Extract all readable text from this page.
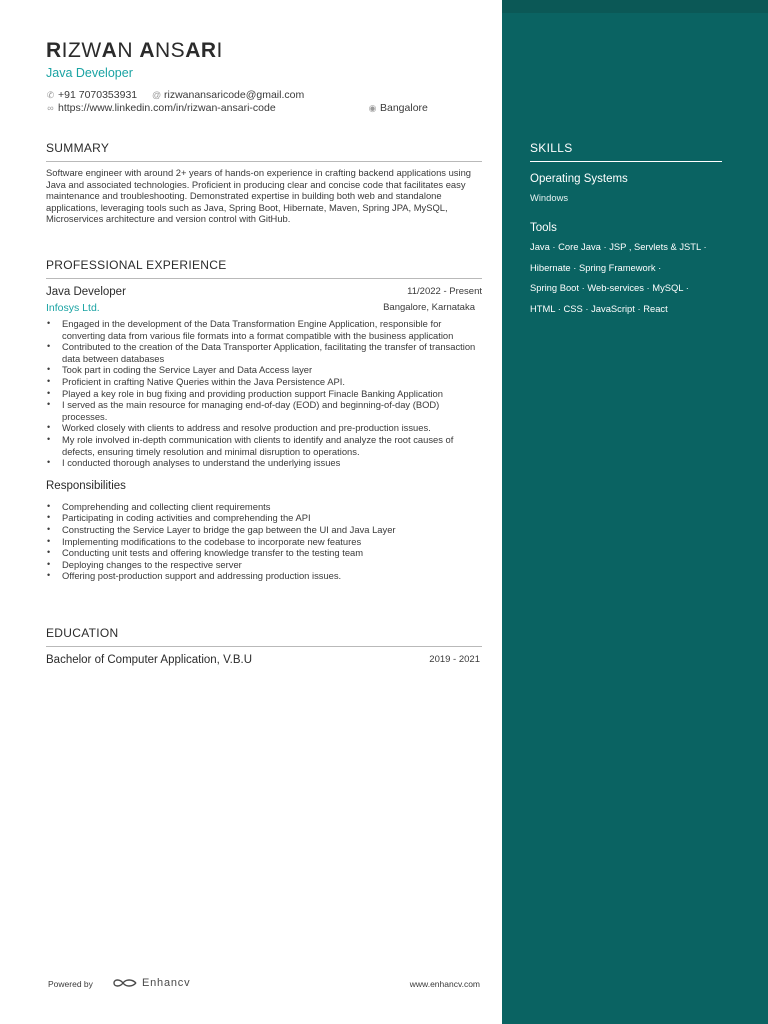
RIZWAN ANSARI
Java Developer
✆ +91 7070353931 @ rizwanansaricode@gmail.com
∞ https://www.linkedin.com/in/rizwan-ansari-code	◉ Bangalore
SUMMARY

Software engineer with around 2+ years of hands-on experience in crafting backend applications using Java and associated technologies. Proficient in producing clear and concise code that facilitates easy maintenance and troubleshooting. Demonstrated expertise in building both web and standalone applications, leveraging tools such as Java, Spring Boot, Hibernate, Maven, Spring JPA, MySQL, Microservices architecture and version control with GitHub.

PROFESSIONAL EXPERIENCE
Java Developer	11/2022 - Present
Infosys Ltd.	Bangalore, Karnataka
• Engaged in the development of the Data Transformation Engine Application, responsible for converting data from various file formats into a format compatible with the business application
• Contributed to the creation of the Data Transporter Application, facilitating the transfer of transaction data between databases
• Took part in coding the Service Layer and Data Access layer
• Proficient in crafting Native Queries within the Java Persistence API.
• Played a key role in bug fixing and providing production support Finacle Banking Application
• I served as the main resource for managing end-of-day (EOD) and beginning-of-day (BOD) processes.
• Worked closely with clients to address and resolve production and pre-production issues.
• My role involved in-depth communication with clients to identify and analyze the root causes of defects, ensuring timely resolution and minimal disruption to operations.
• I conducted thorough analyses to understand the underlying issues
Responsibilities
• Comprehending and collecting client requirements
• Participating in coding activities and comprehending the API
• Constructing the Service Layer to bridge the gap between the UI and Java Layer
• Implementing modifications to the codebase to incorporate new features
• Conducting unit tests and offering knowledge transfer to the testing team
• Deploying changes to the respective server
• Offering post-production support and addressing production issues.
EDUCATION
Bachelor of Computer Application, V.B.U	2019 - 2021
SKILLS
Operating Systems
Windows
Tools
Java · Core Java · JSP , Servlets & JSTL ·
Hibernate · Spring Framework ·
Spring Boot · Web-services · MySQL ·
HTML · CSS · JavaScript · React
Powered by	Enhancv	www.enhancv.com
